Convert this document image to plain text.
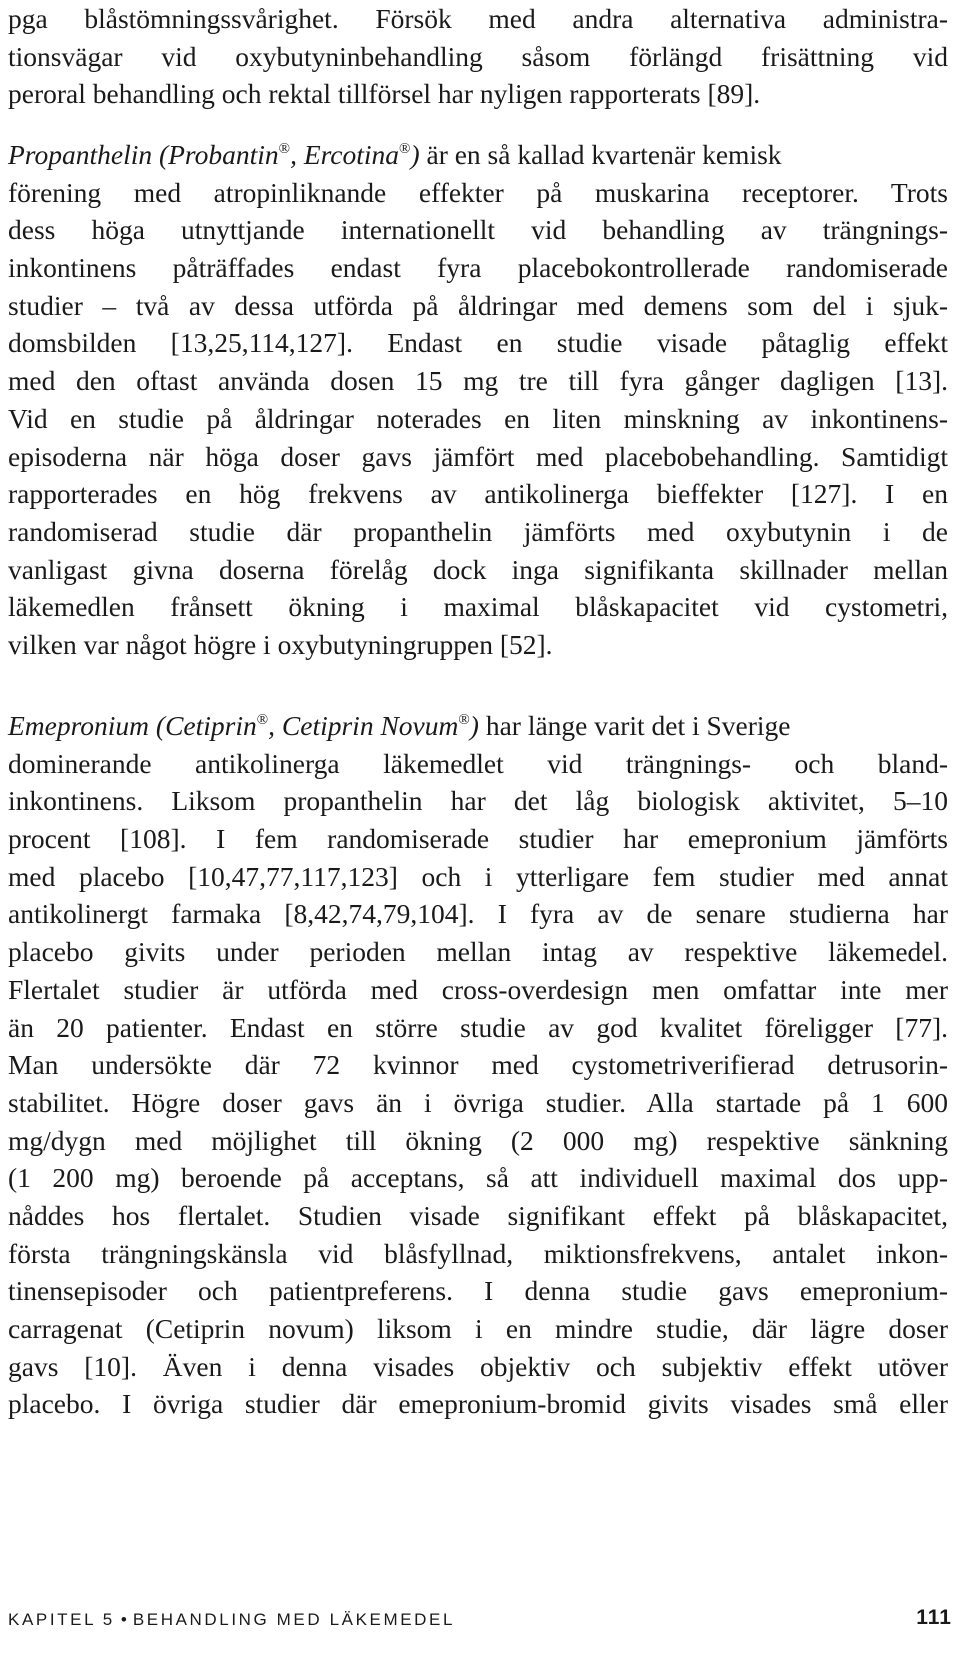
pga blåstömningssvårighet. Försök med andra alternativa administra-
tionsvägar vid oxybutyninbehandling såsom förlängd frisättning vid
peroral behandling och rektal tillförsel har nyligen rapporterats [89].
Propanthelin (Probantin®, Ercotina®) är en så kallad kvartenär kemisk
förening med atropinliknande effekter på muskarina receptorer. Trots
dess höga utnyttjande internationellt vid behandling av trängnings-
inkontinens påträffades endast fyra placebokontrollerade randomiserade
studier – två av dessa utförda på åldringar med demens som del i sjuk-
domsbilden [13,25,114,127]. Endast en studie visade påtaglig effekt
med den oftast använda dosen 15 mg tre till fyra gånger dagligen [13].
Vid en studie på åldringar noterades en liten minskning av inkontinens-
episoderna när höga doser gavs jämfört med placebobehandling. Samtidigt
rapporterades en hög frekvens av antikolinerga bieffekter [127]. I en
randomiserad studie där propanthelin jämförts med oxybutynin i de
vanligast givna doserna förelåg dock inga signifikanta skillnader mellan
läkemedlen frånsett ökning i maximal blåskapacitet vid cystometri,
vilken var något högre i oxybutyningruppen [52].
Emepronium (Cetiprin®, Cetiprin Novum®) har länge varit det i Sverige
dominerande antikolinerga läkemedlet vid trängnings- och bland-
inkontinens. Liksom propanthelin har det låg biologisk aktivitet, 5–10
procent [108]. I fem randomiserade studier har emepronium jämförts
med placebo [10,47,77,117,123] och i ytterligare fem studier med annat
antikolinergt farmaka [8,42,74,79,104]. I fyra av de senare studierna har
placebo givits under perioden mellan intag av respektive läkemedel.
Flertalet studier är utförda med cross-overdesign men omfattar inte mer
än 20 patienter. Endast en större studie av god kvalitet föreligger [77].
Man undersökte där 72 kvinnor med cystometriverifierad detrusorin-
stabilitet. Högre doser gavs än i övriga studier. Alla startade på 1 600
mg/dygn med möjlighet till ökning (2 000 mg) respektive sänkning
(1 200 mg) beroende på acceptans, så att individuell maximal dos upp-
nåddes hos flertalet. Studien visade signifikant effekt på blåskapacitet,
första trängningskänsla vid blåsfyllnad, miktionsfrekvens, antalet inkon-
tinensepisoder och patientpreferens. I denna studie gavs emepronium-
carragenat (Cetiprin novum) liksom i en mindre studie, där lägre doser
gavs [10]. Även i denna visades objektiv och subjektiv effekt utöver
placebo. I övriga studier där emepronium-bromid givits visades små eller
KAPITEL 5 • BEHANDLING MED LÄKEMEDEL	111
